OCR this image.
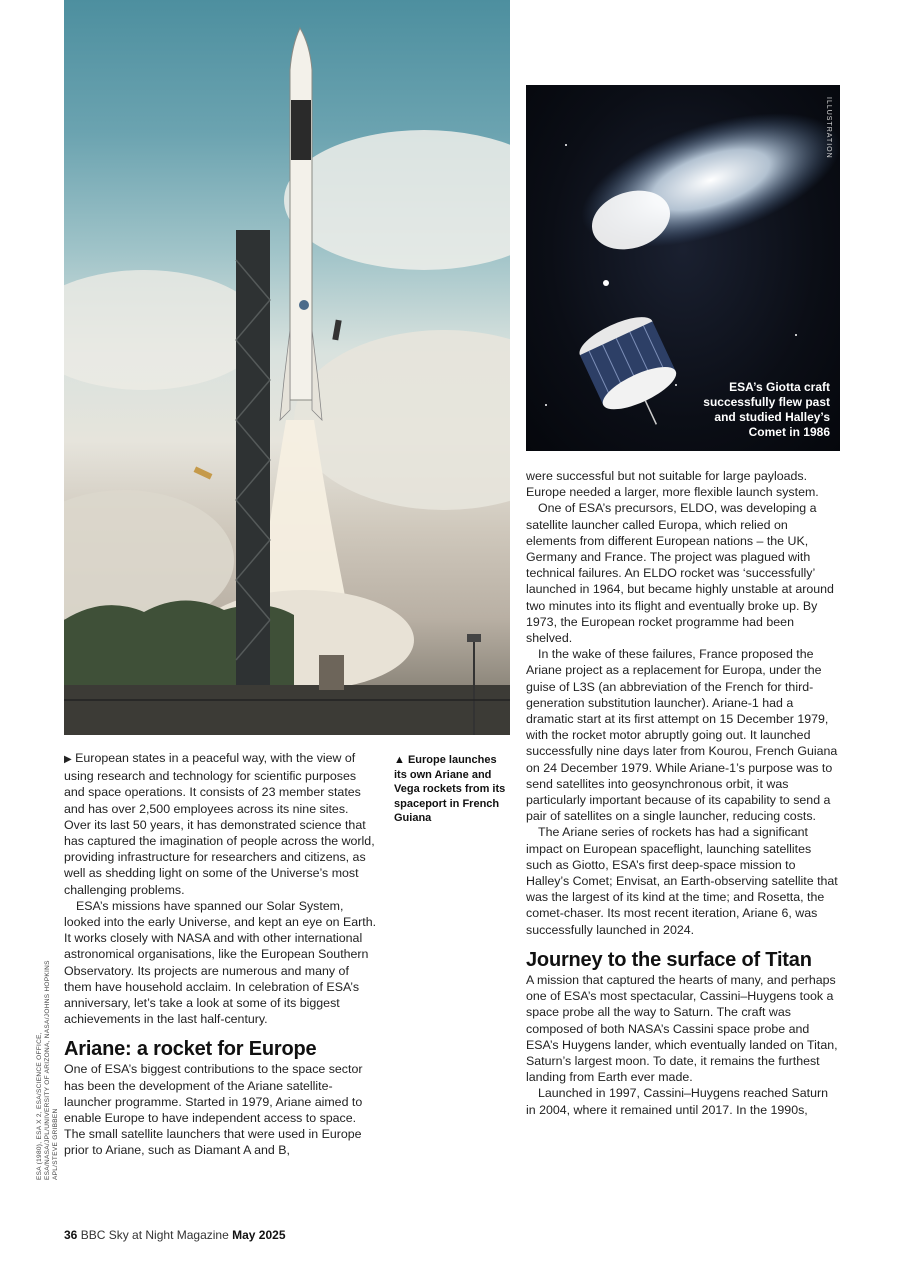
ILLUSTRATION
ESA’s Giotta craft successfully flew past and studied Halley’s Comet in 1986
▲ Europe launches its own Ariane and Vega rockets from its spaceport in French Guiana

▶ European states in a peaceful way, with the view of using research and technology for scientific purposes and space operations. It consists of 23 member states and has over 2,500 employees across its nine sites. Over its last 50 years, it has demonstrated science that has captured the imagination of people across the world, providing infrastructure for researchers and citizens, as well as shedding light on some of the Universe’s most challenging problems.

ESA’s missions have spanned our Solar System, looked into the early Universe, and kept an eye on Earth. It works closely with NASA and with other international astronomical organisations, like the European Southern Observatory. Its projects are numerous and many of them have household acclaim. In celebration of ESA’s anniversary, let’s take a look at some of its biggest achievements in the last half-century.

Ariane: a rocket for Europe

One of ESA’s biggest contributions to the space sector has been the development of the Ariane satellite-launcher programme. Started in 1979, Ariane aimed to enable Europe to have independent access to space. The small satellite launchers that were used in Europe prior to Ariane, such as Diamant A and B,

were successful but not suitable for large payloads. Europe needed a larger, more flexible launch system.

One of ESA’s precursors, ELDO, was developing a satellite launcher called Europa, which relied on elements from different European nations – the UK, Germany and France. The project was plagued with technical failures. An ELDO rocket was ‘successfully’ launched in 1964, but became highly unstable at around two minutes into its flight and eventually broke up. By 1973, the European rocket programme had been shelved.

In the wake of these failures, France proposed the Ariane project as a replacement for Europa, under the guise of L3S (an abbreviation of the French for third-generation substitution launcher). Ariane-1 had a dramatic start at its first attempt on 15 December 1979, with the rocket motor abruptly going out. It launched successfully nine days later from Kourou, French Guiana on 24 December 1979. While Ariane-1’s purpose was to send satellites into geosynchronous orbit, it was particularly important because of its capability to send a pair of satellites on a single launcher, reducing costs.

The Ariane series of rockets has had a significant impact on European spaceflight, launching satellites such as Giotto, ESA’s first deep-space mission to Halley’s Comet; Envisat, an Earth-observing satellite that was the largest of its kind at the time; and Rosetta, the comet-chaser. Its most recent iteration, Ariane 6, was successfully launched in 2024.

Journey to the surface of Titan

A mission that captured the hearts of many, and perhaps one of ESA’s most spectacular, Cassini–Huygens took a space probe all the way to Saturn. The craft was composed of both NASA’s Cassini space probe and ESA’s Huygens lander, which eventually landed on Titan, Saturn’s largest moon. To date, it remains the furthest landing from Earth ever made.

Launched in 1997, Cassini–Huygens reached Saturn in 2004, where it remained until 2017. In the 1990s,

ESA (1980), ESA X 2, ESA/SCIENCE OFFICE, ESA/NASA/JPL/UNIVERSITY OF ARIZONA, NASA/JOHNS HOPKINS APL/STEVE GRIBBEN
36 BBC Sky at Night Magazine May 2025
